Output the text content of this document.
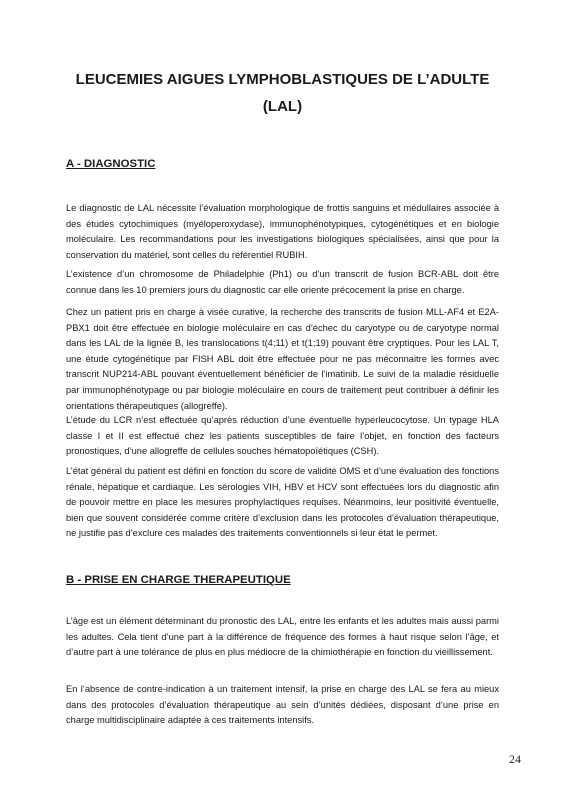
LEUCEMIES AIGUES LYMPHOBLASTIQUES DE L’ADULTE
(LAL)
A - DIAGNOSTIC

Le diagnostic de LAL nécessite l’évaluation morphologique de frottis sanguins et médullaires associée à des études cytochimiques (myéloperoxydase), immunophénotypiques, cytogénétiques et en biologie moléculaire. Les recommandations pour les investigations biologiques spécialisées, ainsi que pour la conservation du matériel, sont celles du référentiel RUBIH.

L’existence d’un chromosome de Philadelphie (Ph1) ou d’un transcrit de fusion BCR-ABL doit être connue dans les 10 premiers jours du diagnostic car elle oriente précocement la prise en charge.

Chez un patient pris en charge à visée curative, la recherche des transcrits de fusion MLL-AF4 et E2A-PBX1 doit être effectuée en biologie moléculaire en cas d’échec du caryotype ou de caryotype normal dans les LAL de la lignée B, les translocations t(4;11) et t(1;19) pouvant être cryptiques. Pour les LAL T, une étude cytogénétique par FISH ABL doit être effectuée pour ne pas méconnaitre les formes avec transcrit NUP214-ABL pouvant éventuellement bénéficier de l’imatinib. Le suivi de la maladie résiduelle par immunophénotypage ou par biologie moléculaire en cours de traitement peut contribuer à définir les orientations thérapeutiques (allogreffe).

L’étude du LCR n’est effectuée qu’après réduction d’une éventuelle hyperleucocytose. Un typage HLA classe I et II est effectué chez les patients susceptibles de faire l’objet, en fonction des facteurs pronostiques, d’une allogreffe de cellules souches hématopoïétiques (CSH).

L’état général du patient est défini en fonction du score de validité OMS et d’une évaluation des fonctions rénale, hépatique et cardiaque. Les sérologies VIH, HBV et HCV sont effectuées lors du diagnostic afin de pouvoir mettre en place les mesures prophylactiques requises. Néanmoins, leur positivité éventuelle, bien que souvent considérée comme critère d’exclusion dans les protocoles d’évaluation thérapeutique, ne justifie pas d’exclure ces malades des traitements conventionnels si leur état le permet.

B - PRISE EN CHARGE THERAPEUTIQUE

L’âge est un élément déterminant du pronostic des LAL, entre les enfants et les adultes mais aussi parmi les adultes. Cela tient d’une part à la différence de fréquence des formes à haut risque selon l’âge, et d’autre part à une tolérance de plus en plus médiocre de la chimiothérapie en fonction du vieillissement.

En l’absence de contre-indication à un traitement intensif, la prise en charge des LAL se fera au mieux dans des protocoles d’évaluation thérapeutique au sein d’unités dédiées, disposant d’une prise en charge multidisciplinaire adaptée à ces traitements intensifs.

24
